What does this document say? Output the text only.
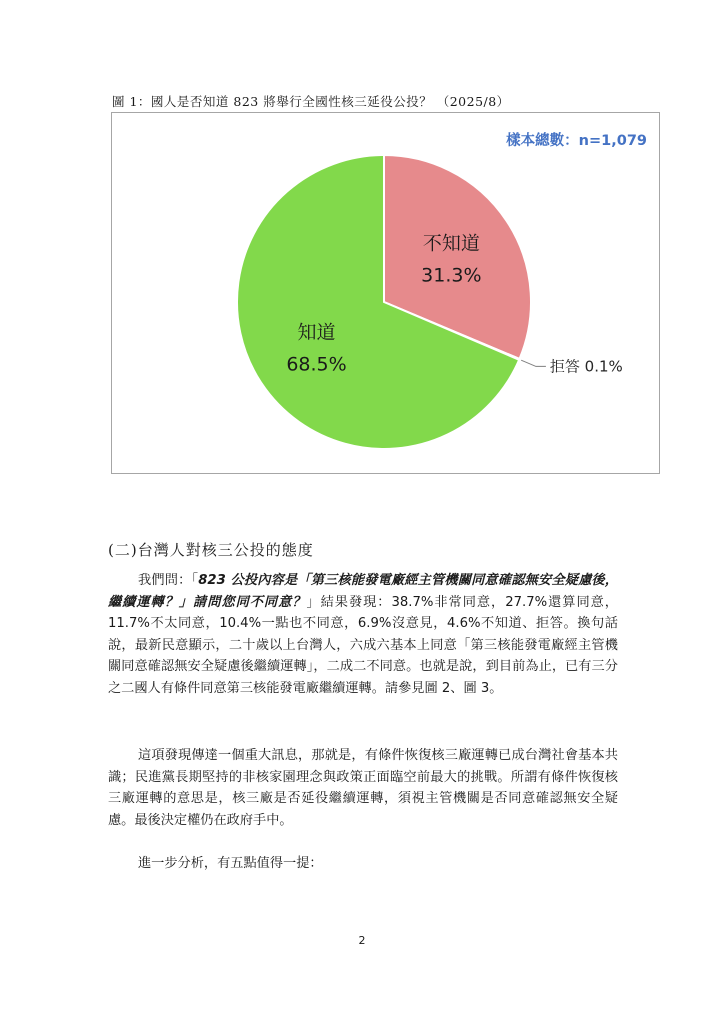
圖 1：國人是否知道 823 將舉行全國性核三延役公投？ （2025/8）
不知道
31.3%
拒答 0.1%
知道
68.5%
樣本總數：n=1,079
(二)台灣人對核三公投的態度
我們問：「823 公投內容是「第三核能發電廠經主管機關同意確認無安全疑慮後，繼續運轉？」請問您同不同意？」結果發現：38.7%非常同意，27.7%還算同意，11.7%不太同意，10.4%一點也不同意，6.9%沒意見，4.6%不知道、拒答。換句話說，最新民意顯示，二十歲以上台灣人，六成六基本上同意「第三核能發電廠經主管機關同意確認無安全疑慮後繼續運轉」，二成二不同意。也就是說，到目前為止，已有三分之二國人有條件同意第三核能發電廠繼續運轉。請參見圖 2、圖 3。
這項發現傳達一個重大訊息，那就是，有條件恢復核三廠運轉已成台灣社會基本共識；民進黨長期堅持的非核家園理念與政策正面臨空前最大的挑戰。所謂有條件恢復核三廠運轉的意思是，核三廠是否延役繼續運轉，須視主管機關是否同意確認無安全疑慮。最後決定權仍在政府手中。
進一步分析，有五點值得一提：
2
